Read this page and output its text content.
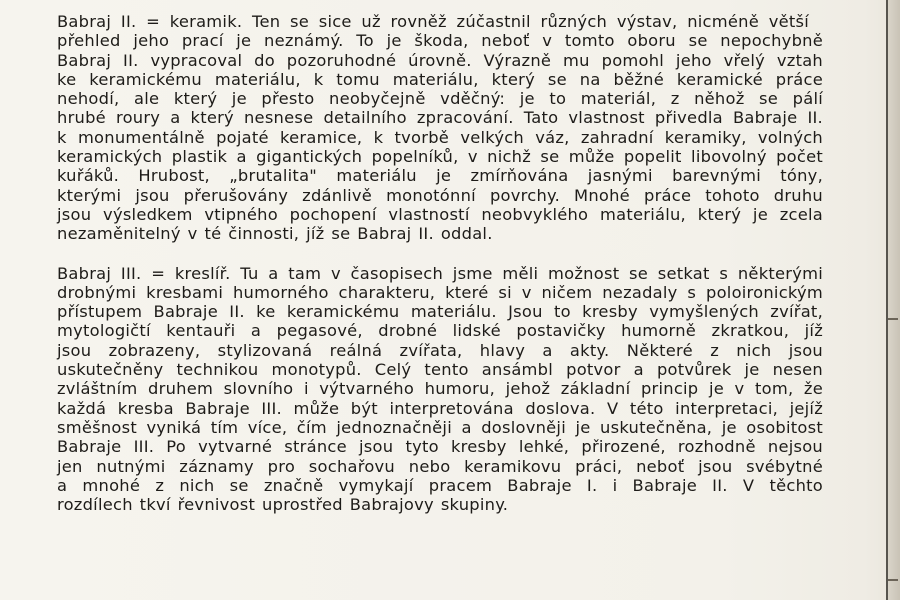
Babraj II. = keramik. Ten se sice už rovněž zúčastnil různých výstav, nicméně větší
přehled jeho prací je neznámý. To je škoda, neboť v tomto oboru se nepochybně
Babraj II. vypracoval do pozoruhodné úrovně. Výrazně mu pomohl jeho vřelý vztah
ke keramickému materiálu, k tomu materiálu, který se na běžné keramické práce
nehodí, ale který je přesto neobyčejně vděčný: je to materiál, z něhož se pálí
hrubé roury a který nesnese detailního zpracování. Tato vlastnost přivedla Babraje II.
k monumentálně pojaté keramice, k tvorbě velkých váz, zahradní keramiky, volných
keramických plastik a gigantických popelníků, v nichž se může popelit libovolný počet
kuřáků. Hrubost, „brutalita" materiálu je zmírňována jasnými barevnými tóny,
kterými jsou přerušovány zdánlivě monotónní povrchy. Mnohé práce tohoto druhu
jsou výsledkem vtipného pochopení vlastností neobvyklého materiálu, který je zcela
nezaměnitelný v té činnosti, jíž se Babraj II. oddal.
Babraj III. = kreslíř. Tu a tam v časopisech jsme měli možnost se setkat s některými
drobnými kresbami humorného charakteru, které si v ničem nezadaly s poloironickým
přístupem Babraje II. ke keramickému materiálu. Jsou to kresby vymyšlených zvířat,
mytologičtí kentauři a pegasové, drobné lidské postavičky humorně zkratkou, jíž
jsou zobrazeny, stylizovaná reálná zvířata, hlavy a akty. Některé z nich jsou
uskutečněny technikou monotypů. Celý tento ansámbl potvor a potvůrek je nesen
zvláštním druhem slovního i výtvarného humoru, jehož základní princip je v tom, že
každá kresba Babraje III. může být interpretována doslova. V této interpretaci, jejíž
směšnost vyniká tím více, čím jednoznačněji a doslovněji je uskutečněna, je osobitost
Babraje III. Po vytvarné stránce jsou tyto kresby lehké, přirozené, rozhodně nejsou
jen nutnými záznamy pro sochařovu nebo keramikovu práci, neboť jsou svébytné
a mnohé z nich se značně vymykají pracem Babraje I. i Babraje II. V těchto
rozdílech tkví řevnivost uprostřed Babrajovy skupiny.
